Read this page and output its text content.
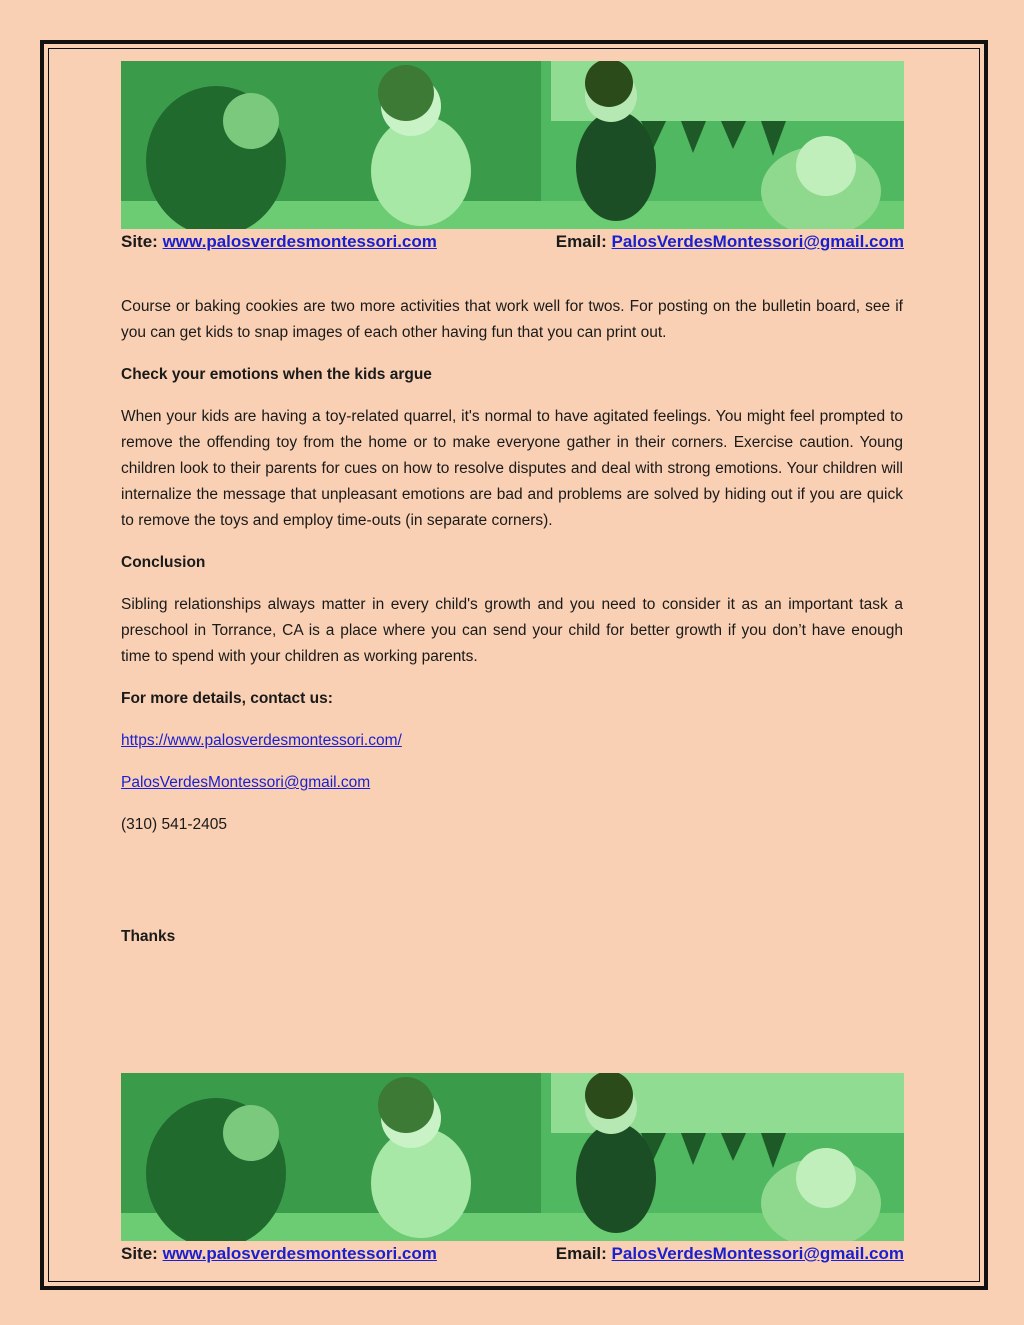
Site: www.palosverdesmontessori.com	Email: PalosVerdesMontessori@gmail.com

Course or baking cookies are two more activities that work well for twos. For posting on the bulletin board, see if you can get kids to snap images of each other having fun that you can print out.

Check your emotions when the kids argue

When your kids are having a toy-related quarrel, it's normal to have agitated feelings. You might feel prompted to remove the offending toy from the home or to make everyone gather in their corners. Exercise caution. Young children look to their parents for cues on how to resolve disputes and deal with strong emotions. Your children will internalize the message that unpleasant emotions are bad and problems are solved by hiding out if you are quick to remove the toys and employ time-outs (in separate corners).

Conclusion

Sibling relationships always matter in every child's growth and you need to consider it as an important task a preschool in Torrance, CA is a place where you can send your child for better growth if you don’t have enough time to spend with your children as working parents.

For more details, contact us:

https://www.palosverdesmontessori.com/

PalosVerdesMontessori@gmail.com

(310) 541-2405

Thanks

Site: www.palosverdesmontessori.com	Email: PalosVerdesMontessori@gmail.com
